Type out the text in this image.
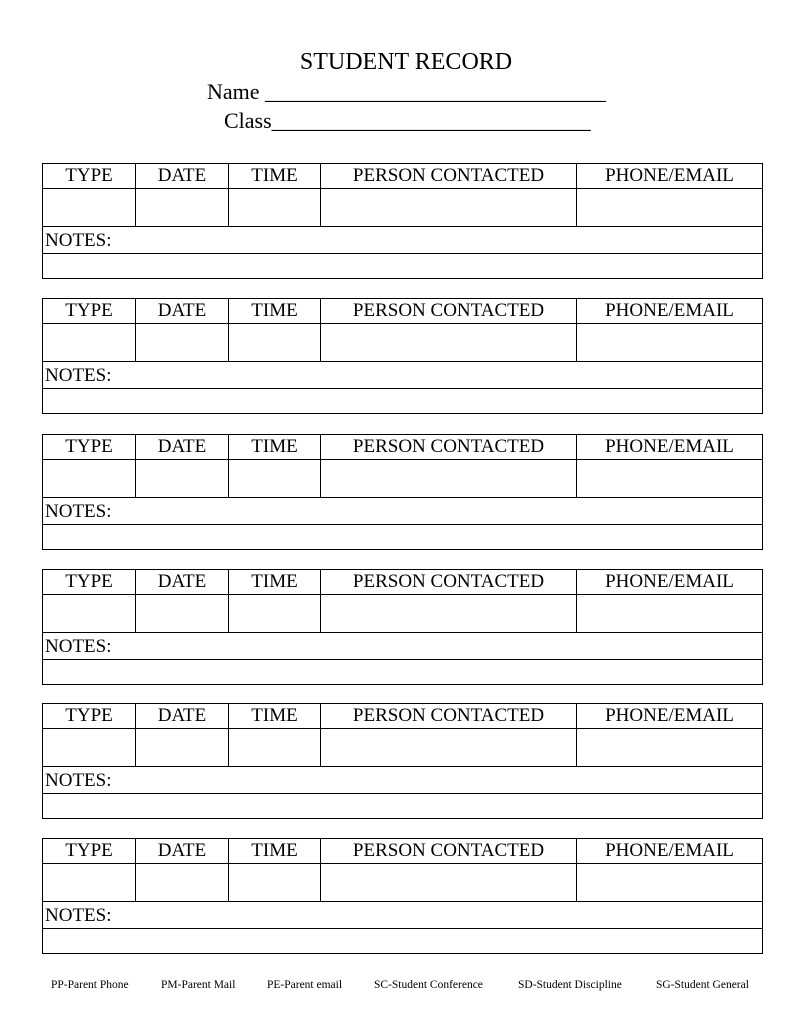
STUDENT RECORD
Name _______________________________
Class_____________________________
TYPE	DATE	TIME	PERSON CONTACTED	PHONE/EMAIL
NOTES:
TYPE	DATE	TIME	PERSON CONTACTED	PHONE/EMAIL
NOTES:
TYPE	DATE	TIME	PERSON CONTACTED	PHONE/EMAIL
NOTES:
TYPE	DATE	TIME	PERSON CONTACTED	PHONE/EMAIL
NOTES:
TYPE	DATE	TIME	PERSON CONTACTED	PHONE/EMAIL
NOTES:
TYPE	DATE	TIME	PERSON CONTACTED	PHONE/EMAIL
NOTES:
PP-Parent Phone	PM-Parent Mail	PE-Parent email	SC-Student Conference	SD-Student Discipline	SG-Student General
